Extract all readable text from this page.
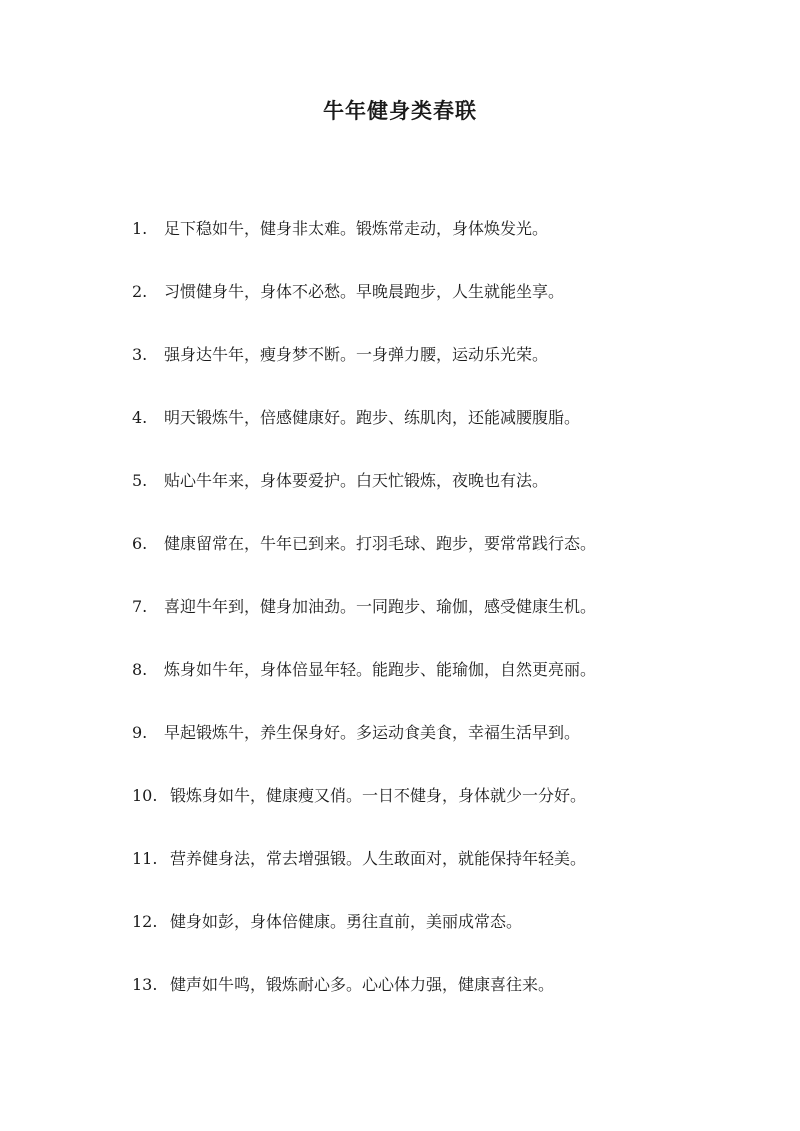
牛年健身类春联
1. 足下稳如牛，健身非太难。锻炼常走动，身体焕发光。
2. 习惯健身牛，身体不必愁。早晚晨跑步，人生就能坐享。
3. 强身达牛年，瘦身梦不断。一身弹力腰，运动乐光荣。
4. 明天锻炼牛，倍感健康好。跑步、练肌肉，还能减腰腹脂。
5. 贴心牛年来，身体要爱护。白天忙锻炼，夜晚也有法。
6. 健康留常在，牛年已到来。打羽毛球、跑步，要常常践行态。
7. 喜迎牛年到，健身加油劲。一同跑步、瑜伽，感受健康生机。
8. 炼身如牛年，身体倍显年轻。能跑步、能瑜伽，自然更亮丽。
9. 早起锻炼牛，养生保身好。多运动食美食，幸福生活早到。
10. 锻炼身如牛，健康瘦又俏。一日不健身，身体就少一分好。
11. 营养健身法，常去增强锻。人生敢面对，就能保持年轻美。
12. 健身如彭，身体倍健康。勇往直前，美丽成常态。
13. 健声如牛鸣，锻炼耐心多。心心体力强，健康喜往来。
